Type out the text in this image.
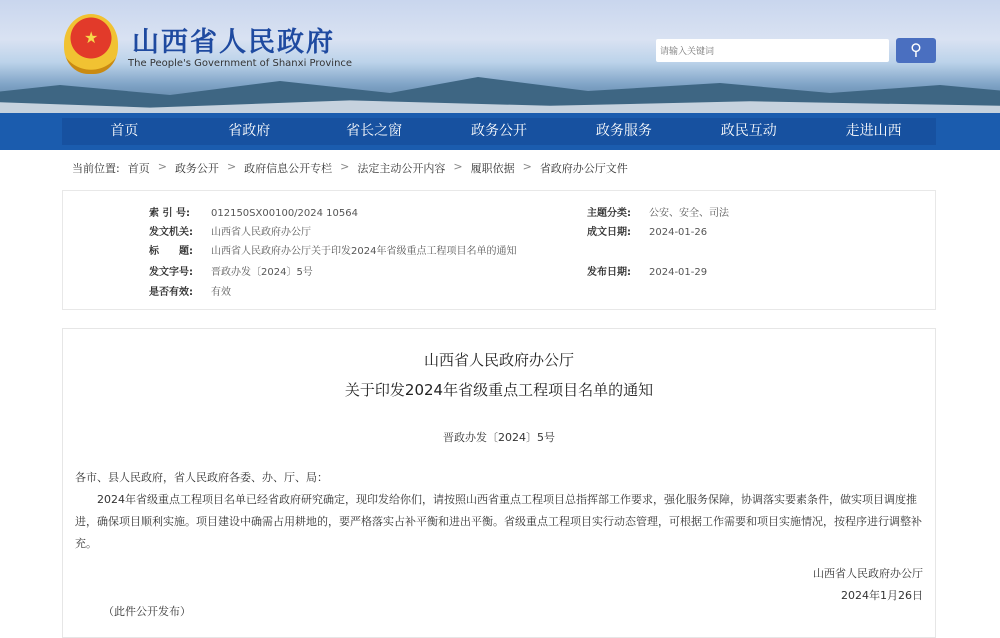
★ 山西省人民政府
The People's Government of Shanxi Province
请输入关键词
⚲
首页	省政府	省长之窗	政务公开	政务服务	政民互动	走进山西
当前位置: 首页 > 政务公开 > 政府信息公开专栏 > 法定主动公开内容 > 履职依据 > 省政府办公厅文件
索 引 号: 012150SX00100/2024 10564	主题分类: 公安、安全、司法
发文机关: 山西省人民政府办公厅	成文日期: 2024-01-26
标　　题: 山西省人民政府办公厅关于印发2024年省级重点工程项目名单的通知
发文字号: 晋政办发〔2024〕5号	发布日期: 2024-01-29
是否有效: 有效
山西省人民政府办公厅
关于印发2024年省级重点工程项目名单的通知
晋政办发〔2024〕5号
各市、县人民政府，省人民政府各委、办、厅、局：
2024年省级重点工程项目名单已经省政府研究确定，现印发给你们，请按照山西省重点工程项目总指挥部工作要求，强化服务保障，协调落实要素条件，做实项目调度推进，确保项目顺利实施。项目建设中确需占用耕地的，要严格落实占补平衡和进出平衡。省级重点工程项目实行动态管理，可根据工作需要和项目实施情况，按程序进行调整补充。
山西省人民政府办公厅
2024年1月26日
（此件公开发布）
